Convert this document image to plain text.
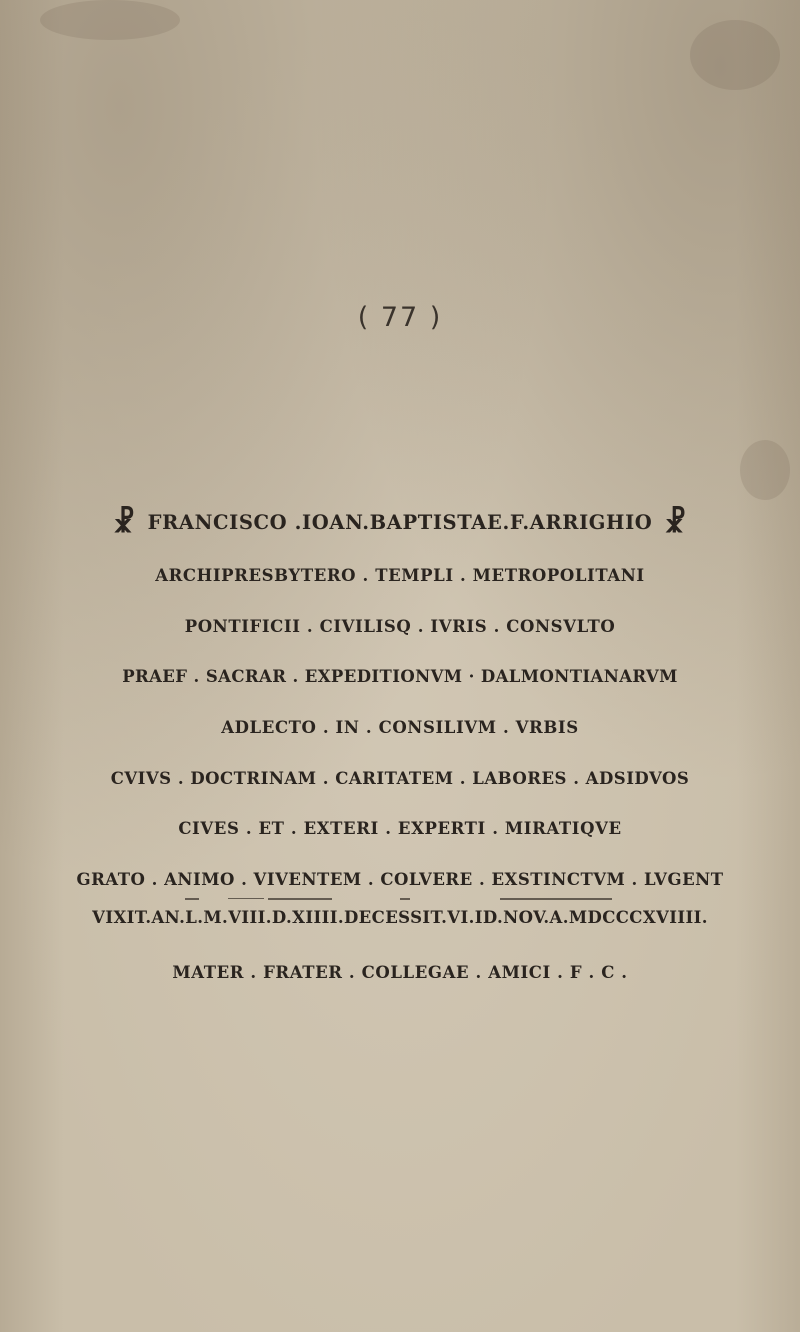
( 77 )
☧ FRANCISCO .IOAN.BAPTISTAE.F.ARRIGHIO ☧
ARCHIPRESBYTERO . TEMPLI . METROPOLITANI
PONTIFICII . CIVILISQ . IVRIS . CONSVLTO
PRAEF . SACRAR . EXPEDITIONVM · DALMONTIANARVM
ADLECTO . IN . CONSILIVM . VRBIS
CVIVS . DOCTRINAM . CARITATEM . LABORES . ADSIDVOS
CIVES . ET . EXTERI . EXPERTI . MIRATIQVE
GRATO . ANIMO . VIVENTEM . COLVERE . EXSTINCTVM . LVGENT
VIXIT.AN.L.M.VIII.D.XIIII.DECESSIT.VI.ID.NOV.A.MDCCCXVIIII.
MATER . FRATER . COLLEGAE . AMICI . F . C .
